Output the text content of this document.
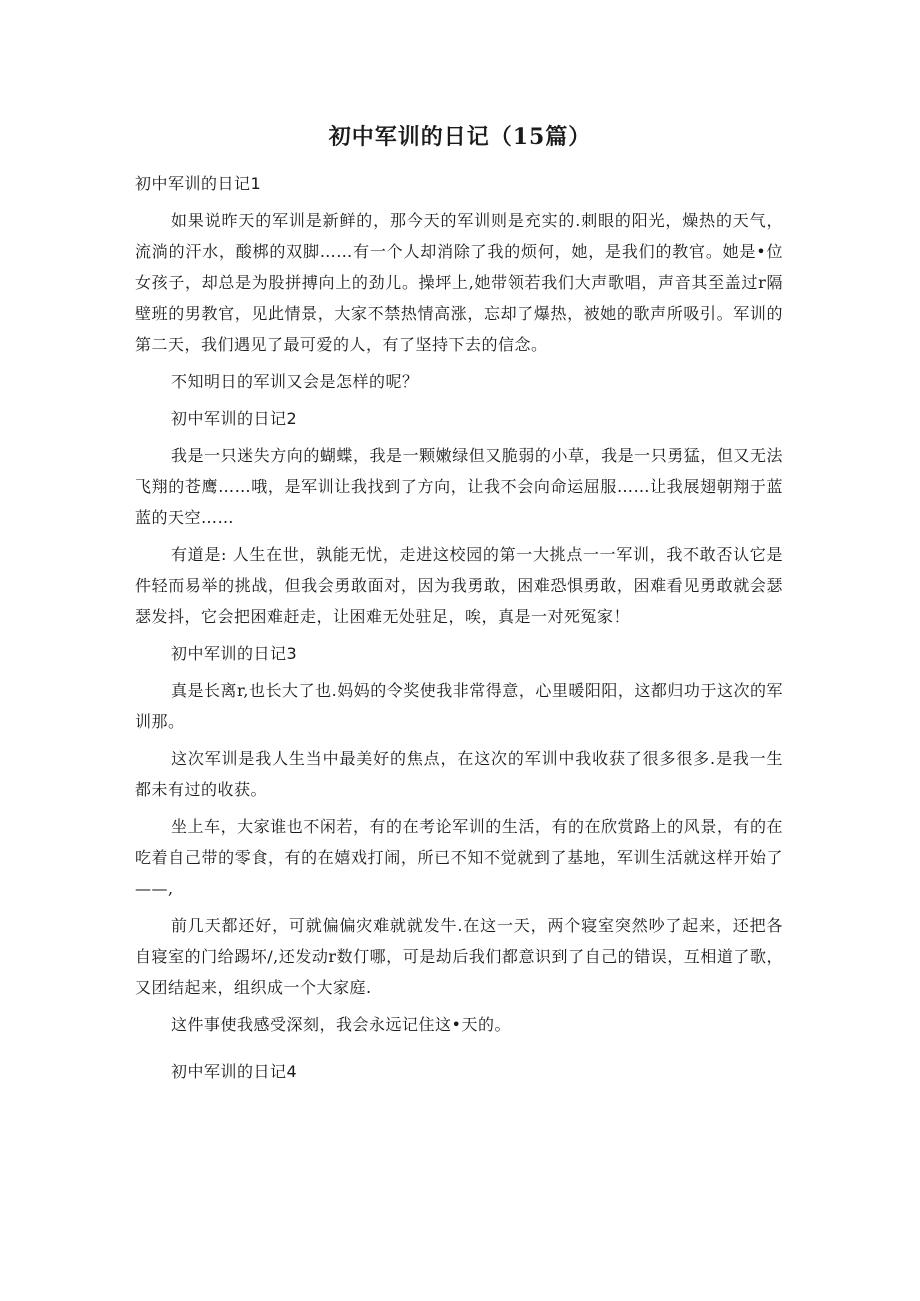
初中军训的日记（15篇）

初中军训的日记1

如果说昨天的军训是新鲜的，那今天的军训则是充实的.刺眼的阳光，燥热的天气，流淌的汗水，酸梆的双脚……有一个人却消除了我的烦何，她，是我们的教官。她是•位女孩子，却总是为股拼搏向上的劲儿。操坪上,她带领若我们大声歌唱，声音其至盖过r隔壁班的男教官，见此情景，大家不禁热情高涨，忘却了爆热，被她的歌声所吸引。军训的第二天，我们遇见了最可爱的人，有了坚持下去的信念。

不知明日的军训又会是怎样的呢？

初中军训的日记2

我是一只迷失方向的蝴蝶，我是一颗嫩绿但又脆弱的小草，我是一只勇猛，但又无法飞翔的苍鹰……哦，是军训让我找到了方向，让我不会向命运屈服……让我展翅朝翔于蓝蓝的天空……

有道是: 人生在世，孰能无忧，走进这校园的第一大挑点一一军训，我不敢否认它是件轻而易举的挑战，但我会勇敢面对，因为我勇敢，困难恐惧勇敢，困难看见勇敢就会瑟瑟发抖，它会把困难赶走，让困难无处驻足，唉，真是一对死冤家！

初中军训的日记3

真是长离r,也长大了也.妈妈的令奖使我非常得意，心里暖阳阳，这都归功于这次的军训那。

这次军训是我人生当中最美好的焦点，在这次的军训中我收获了很多很多.是我一生都未有过的收获。

坐上车，大家谁也不闲若，有的在考论军训的生活，有的在欣赏路上的风景，有的在吃着自己带的零食，有的在嬉戏打闹，所已不知不觉就到了基地，军训生活就这样开始了——,

前几天都还好，可就偏偏灾难就就发牛.在这一天，两个寝室突然吵了起来，还把各自寝室的门给踢坏/,还发动r数仃哪，可是劫后我们都意识到了自己的错误，互相道了歌，又团结起来，组织成一个大家庭.

这件事使我感受深刻，我会永远记住这•天的。

初中军训的日记4
